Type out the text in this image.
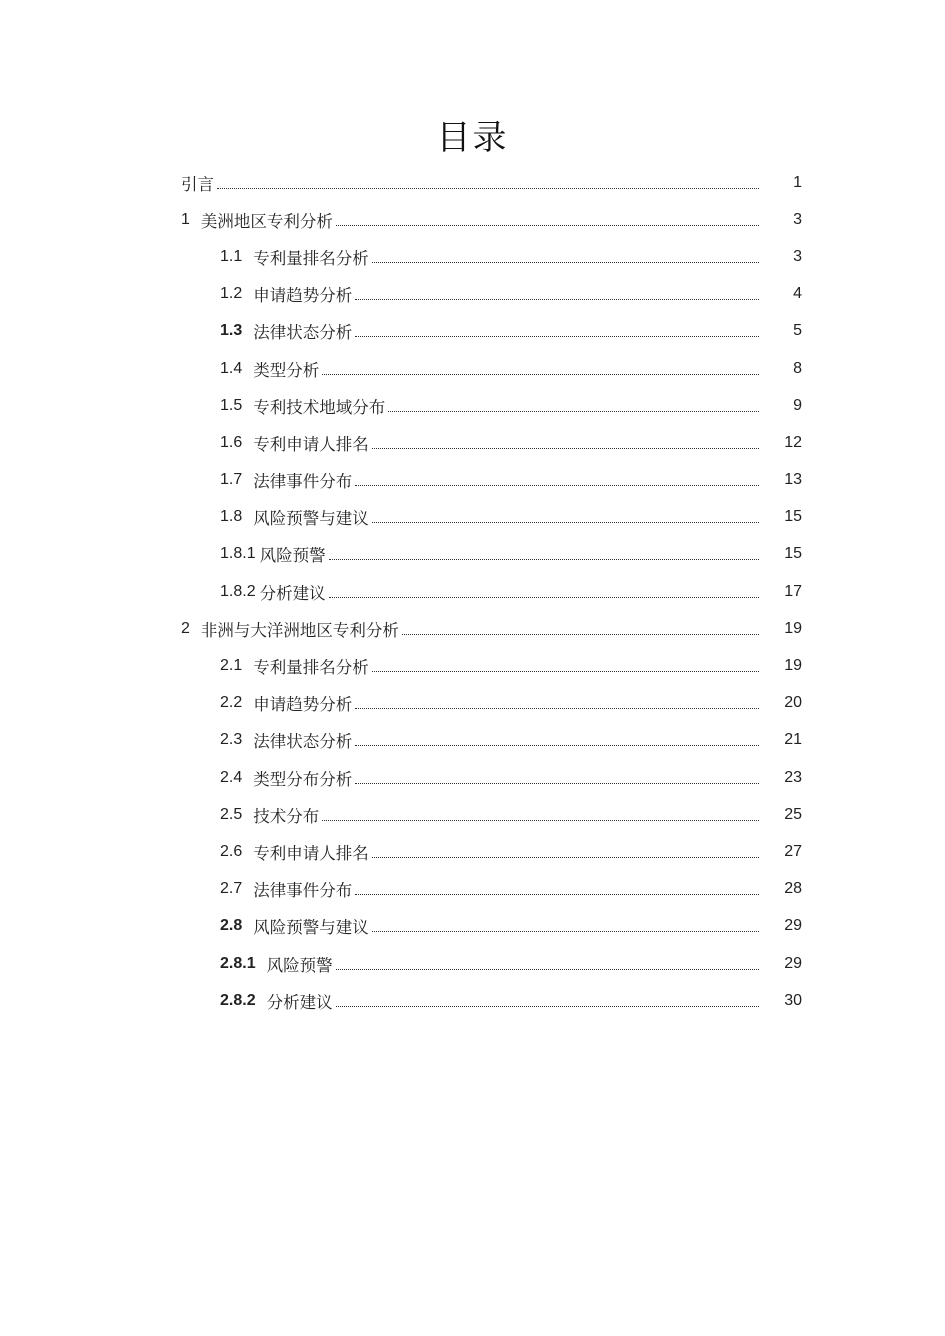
目录
引言	1
1 美洲地区专利分析	3
1.1 专利量排名分析	3
1.2 申请趋势分析	4
1.3 法律状态分析	5
1.4 类型分析	8
1.5 专利技术地域分布	9
1.6 专利申请人排名	12
1.7 法律事件分布	13
1.8 风险预警与建议	15
1.8.1 风险预警	15
1.8.2 分析建议	17
2 非洲与大洋洲地区专利分析	19
2.1 专利量排名分析	19
2.2 申请趋势分析	20
2.3 法律状态分析	21
2.4 类型分布分析	23
2.5 技术分布	25
2.6 专利申请人排名	27
2.7 法律事件分布	28
2.8 风险预警与建议	29
2.8.1 风险预警	29
2.8.2 分析建议	30
